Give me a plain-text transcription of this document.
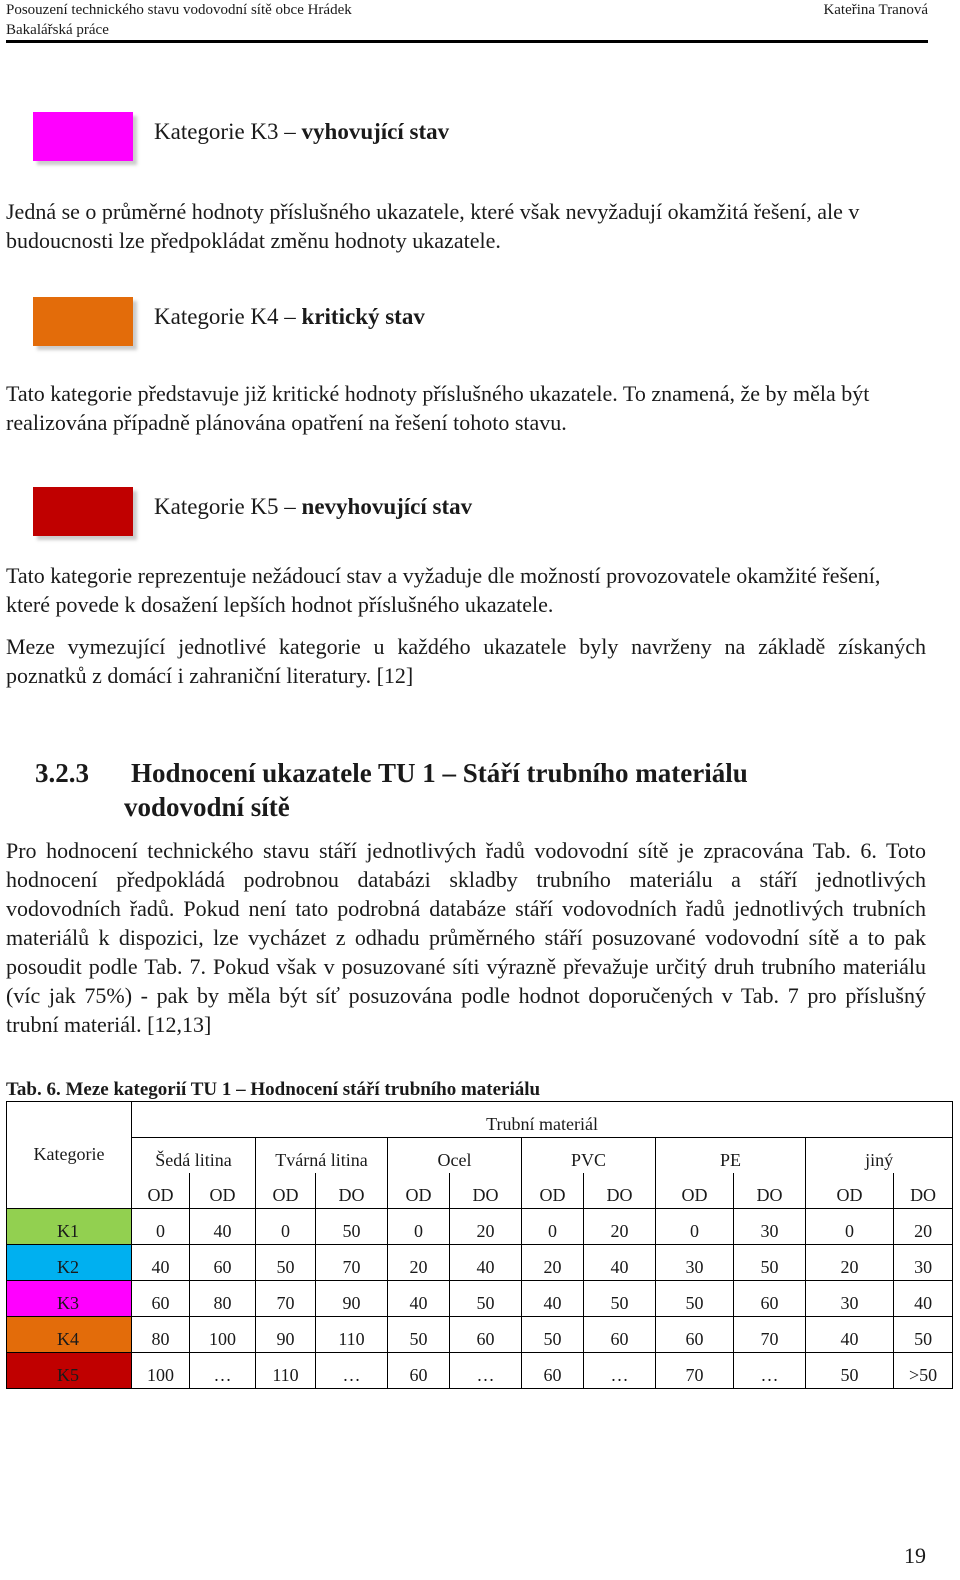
Posouzení technického stavu vodovodní sítě obce Hrádek
Bakalářská práce
Kateřina Tranová
Kategorie K3 – vyhovující stav

Jedná se o průměrné hodnoty příslušného ukazatele, které však nevyžadují okamžitá řešení, ale v budoucnosti lze předpokládat změnu hodnoty ukazatele.

Kategorie K4 – kritický stav

Tato kategorie představuje již kritické hodnoty příslušného ukazatele. To znamená, že by měla být realizována případně plánována opatření na řešení tohoto stavu.

Kategorie K5 – nevyhovující stav

Tato kategorie reprezentuje nežádoucí stav a vyžaduje dle možností provozovatele okamžité řešení, které povede k dosažení lepších hodnot příslušného ukazatele.

Meze vymezující jednotlivé kategorie u každého ukazatele byly navrženy na základě získaných poznatků z domácí i zahraniční literatury. [12]

3.2.3 Hodnocení ukazatele TU 1 – Stáří trubního materiálu vodovodní sítě

Pro hodnocení technického stavu stáří jednotlivých řadů vodovodní sítě je zpracována Tab. 6. Toto hodnocení předpokládá podrobnou databázi skladby trubního materiálu a stáří jednotlivých vodovodních řadů. Pokud není tato podrobná databáze stáří vodovodních řadů jednotlivých trubních materiálů k dispozici, lze vycházet z odhadu průměrného stáří posuzované vodovodní sítě a to pak posoudit podle Tab. 7. Pokud však v posuzované síti výrazně převažuje určitý druh trubního materiálu (víc jak 75%) - pak by měla být síť posuzována podle hodnot doporučených v Tab. 7 pro příslušný trubní materiál. [12,13]

Tab. 6. Meze kategorií TU 1 – Hodnocení stáří trubního materiálu
Kategorie	Trubní materiál											
	Šedá litina		Tvárná litina		Ocel		PVC		PE		jiný	
	OD	OD	OD	DO	OD	DO	OD	DO	OD	DO	OD	DO
K1	0	40	0	50	0	20	0	20	0	30	0	20
K2	40	60	50	70	20	40	20	40	30	50	20	30
K3	60	80	70	90	40	50	40	50	50	60	30	40
K4	80	100	90	110	50	60	50	60	60	70	40	50
K5	100	…	110	…	60	…	60	…	70	…	50	>50
19
